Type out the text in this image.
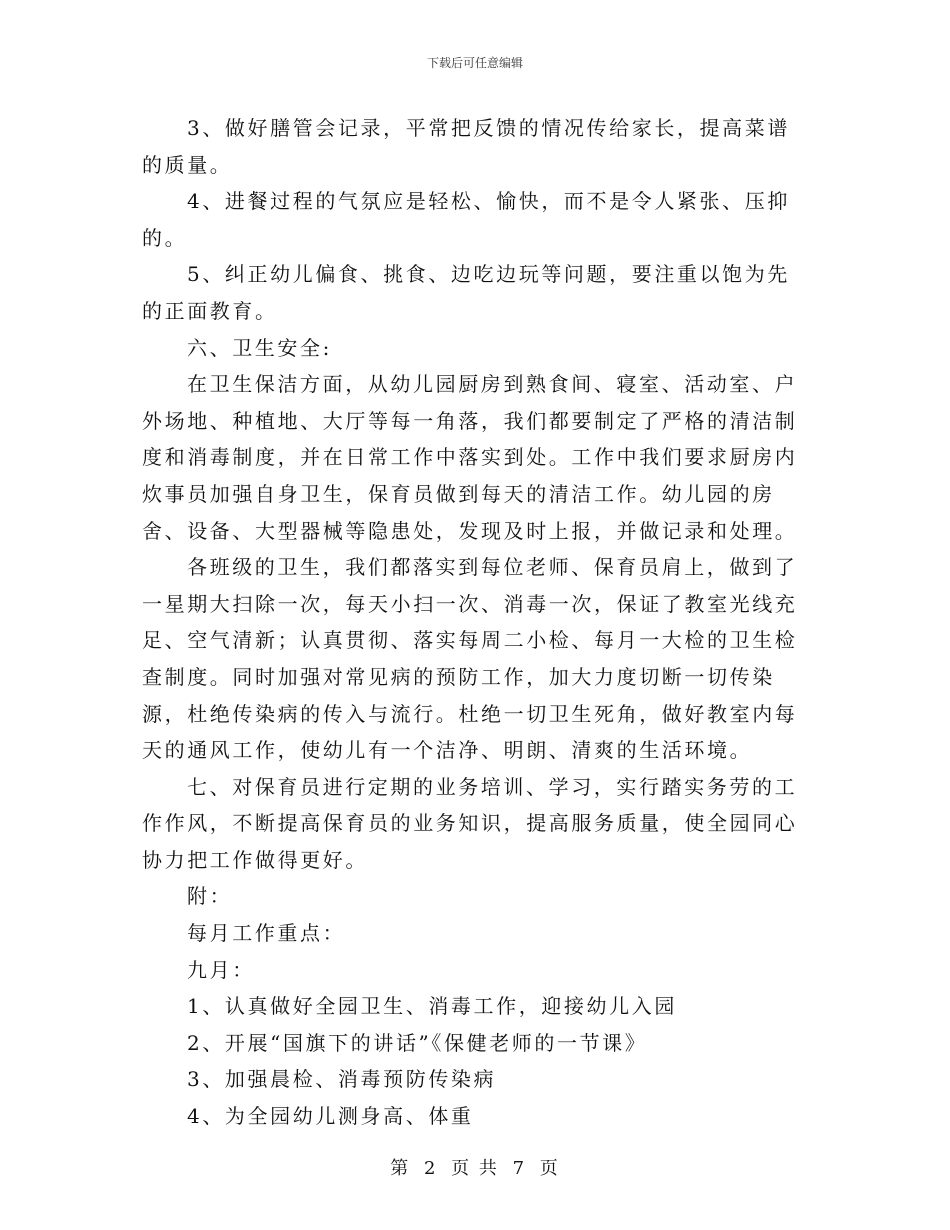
下载后可任意编辑

3、做好膳管会记录，平常把反馈的情况传给家长，提高菜谱的质量。

4、进餐过程的气氛应是轻松、愉快，而不是令人紧张、压抑的。

5、纠正幼儿偏食、挑食、边吃边玩等问题，要注重以饱为先的正面教育。

六、卫生安全:

在卫生保洁方面，从幼儿园厨房到熟食间、寝室、活动室、户外场地、种植地、大厅等每一角落，我们都要制定了严格的清洁制度和消毒制度，并在日常工作中落实到处。工作中我们要求厨房内炊事员加强自身卫生，保育员做到每天的清洁工作。幼儿园的房舍、设备、大型器械等隐患处，发现及时上报，并做记录和处理。

各班级的卫生，我们都落实到每位老师、保育员肩上，做到了一星期大扫除一次，每天小扫一次、消毒一次，保证了教室光线充足、空气清新；认真贯彻、落实每周二小检、每月一大检的卫生检查制度。同时加强对常见病的预防工作，加大力度切断一切传染源，杜绝传染病的传入与流行。杜绝一切卫生死角，做好教室内每天的通风工作，使幼儿有一个洁净、明朗、清爽的生活环境。

七、对保育员进行定期的业务培训、学习，实行踏实务劳的工作作风，不断提高保育员的业务知识，提高服务质量，使全园同心协力把工作做得更好。

附：

每月工作重点：

九月：

1、认真做好全园卫生、消毒工作，迎接幼儿入园

2、开展“国旗下的讲话”《保健老师的一节课》

3、加强晨检、消毒预防传染病

4、为全园幼儿测身高、体重

第 2 页 共 7 页
